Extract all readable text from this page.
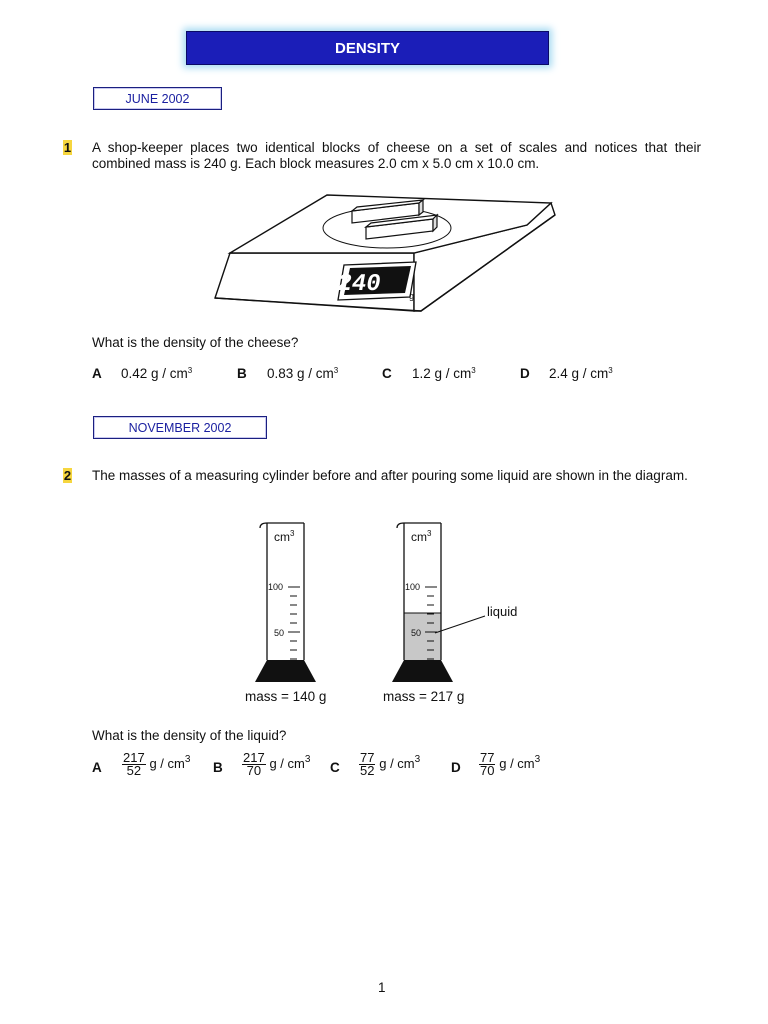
DENSITY
JUNE 2002
1 A shop-keeper places two identical blocks of cheese on a set of scales and notices that their combined mass is 240 g. Each block measures 2.0 cm x 5.0 cm x 10.0 cm.
240	g
What is the density of the cheese?
A 0.42 g / $cm^3$	B 0.83 g / $cm^3$	C 1.2 g / $cm^3$	D 2.4 g / $cm^3$
NOVEMBER 2002
2 The masses of a measuring cylinder before and after pouring some liquid are shown in the diagram.
$cm^3$
100
50
$cm^3$
100
50
liquid
mass = 140 g	mass = 217 g
What is the density of the liquid?
A $\frac{217}{52}$ g / $cm^3$
B $\frac{217}{70}$ g / $cm^3$
C $\frac{77}{52}$ g / $cm^3$
D $\frac{77}{70}$ g / $cm^3$
1
